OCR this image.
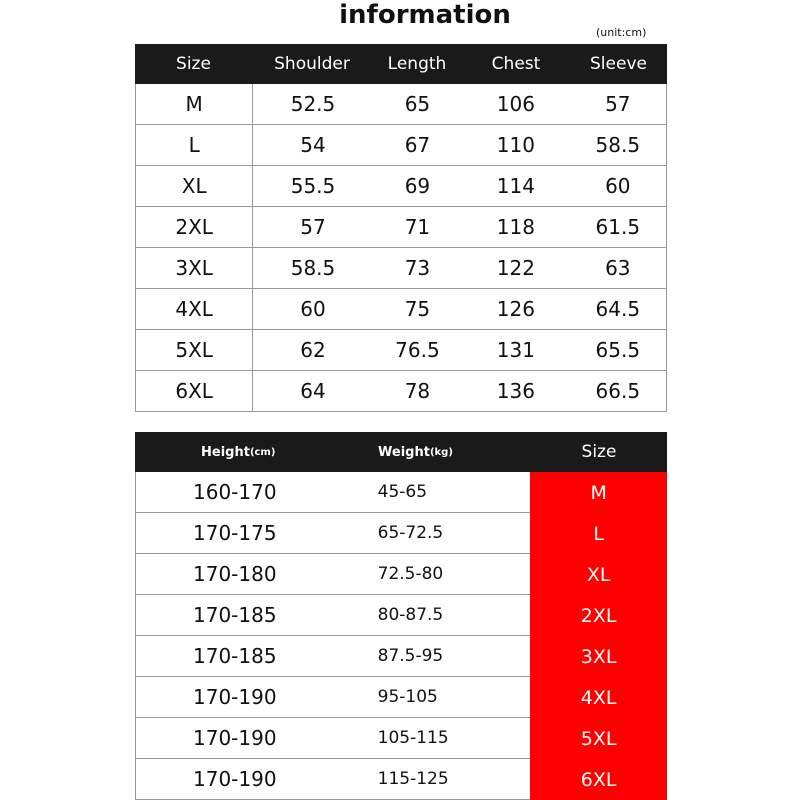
information
(unit:cm)
Size	Shoulder	Length	Chest	Sleeve
M	52.5	65	106	57
L	54	67	110	58.5
XL	55.5	69	114	60
2XL	57	71	118	61.5
3XL	58.5	73	122	63
4XL	60	75	126	64.5
5XL	62	76.5	131	65.5
6XL	64	78	136	66.5
Height (cm)	Weight (kg)	Size
160-170	45-65	M
170-175	65-72.5	L
170-180	72.5-80	XL
170-185	80-87.5	2XL
170-185	87.5-95	3XL
170-190	95-105	4XL
170-190	105-115	5XL
170-190	115-125	6XL
